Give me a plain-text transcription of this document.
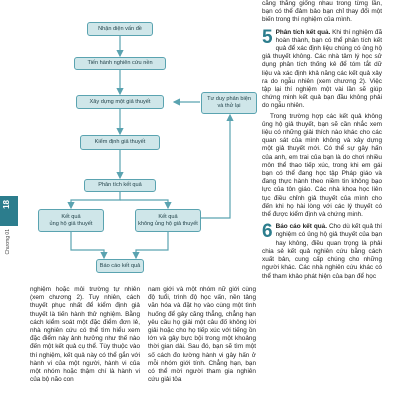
18
Chương 01
Nhận diện vấn đề
Tiến hành nghiên cứu nền
Xây dựng một giả thuyết
Kiểm định giả thuyết
Phân tích kết quả
Kết quả
ủng hộ giả thuyết
Kết quả
không ủng hộ giả thuyết
Báo cáo kết quả
Tư duy phản biện
và thử lại

nghiệm hoặc môi trường tự nhiên (xem chương 2). Tuy nhiên, cách thuyết phục nhất để kiểm định giả thuyết là tiến hành thử nghiệm. Bằng cách kiểm soát một đặc điểm đơn lẻ, nhà nghiên cứu có thể tìm hiểu xem đặc điểm này ảnh hưởng như thế nào đến một kết quả cụ thể. Tùy thuộc vào thí nghiệm, kết quả này có thể gắn với hành vi của một người, hành vi của một nhóm hoặc thậm chí là hành vi của bộ não con

nam giới và một nhóm nữ giới cùng độ tuổi, trình độ học vấn, nền tảng văn hóa và đặt họ vào cùng một tình huống để gây căng thẳng, chẳng hạn yêu cầu họ giải một câu đố không lời giải hoặc cho họ tiếp xúc với tiếng ồn lớn và gây bực bội trong một khoảng thời gian dài. Sau đó, bạn sẽ tìm một số cách đo lường hành vi gây hấn ở mỗi nhóm giới tính. Chẳng hạn, bạn có thể mời người tham gia nghiên cứu giải tỏa

căng thẳng giống nhau trong từng lần, bạn có thể đảm bảo bạn chỉ thay đổi một biến trong thí nghiệm của mình.

5 Phân tích kết quả. Khi thí nghiệm đã hoàn thành, bạn có thể phân tích kết quả để xác định liệu chúng có ủng hộ giả thuyết không. Các nhà tâm lý học sử dụng phân tích thống kê để tóm tắt dữ liệu và xác định khả năng các kết quả xảy ra do ngẫu nhiên (xem chương 2). Việc tập lại thí nghiệm một vài lần sẽ giúp chứng minh kết quả bạn đầu không phải do ngẫu nhiên.

Trong trường hợp các kết quả không ủng hộ giả thuyết, bạn sẽ cần nhắc xem liệu có những giải thích nào khác cho các quan sát của mình không và xây dựng một giả thuyết mới. Có thể sự gây hấn của anh, em trai của bạn là do chơi nhiều môn thể thao tiếp xúc, trong khi em gái bạn có thể đang học tập Pháp giáo và đang thực hành theo niềm tin không bạo lực của tôn giáo. Các nhà khoa học liên tục điều chỉnh giả thuyết của mình cho đến khi họ hài lòng với các lý thuyết có thể được kiểm định và chứng minh.

6 Báo cáo kết quả. Cho dù kết quả thí nghiệm có ủng hộ giả thuyết của bạn hay không, điều quan trọng là phải chia sẻ kết quả nghiên cứu bằng cách xuất bản, cung cấp chúng cho những người khác. Các nhà nghiên cứu khác có thể tham khảo phát hiện của bạn để học
